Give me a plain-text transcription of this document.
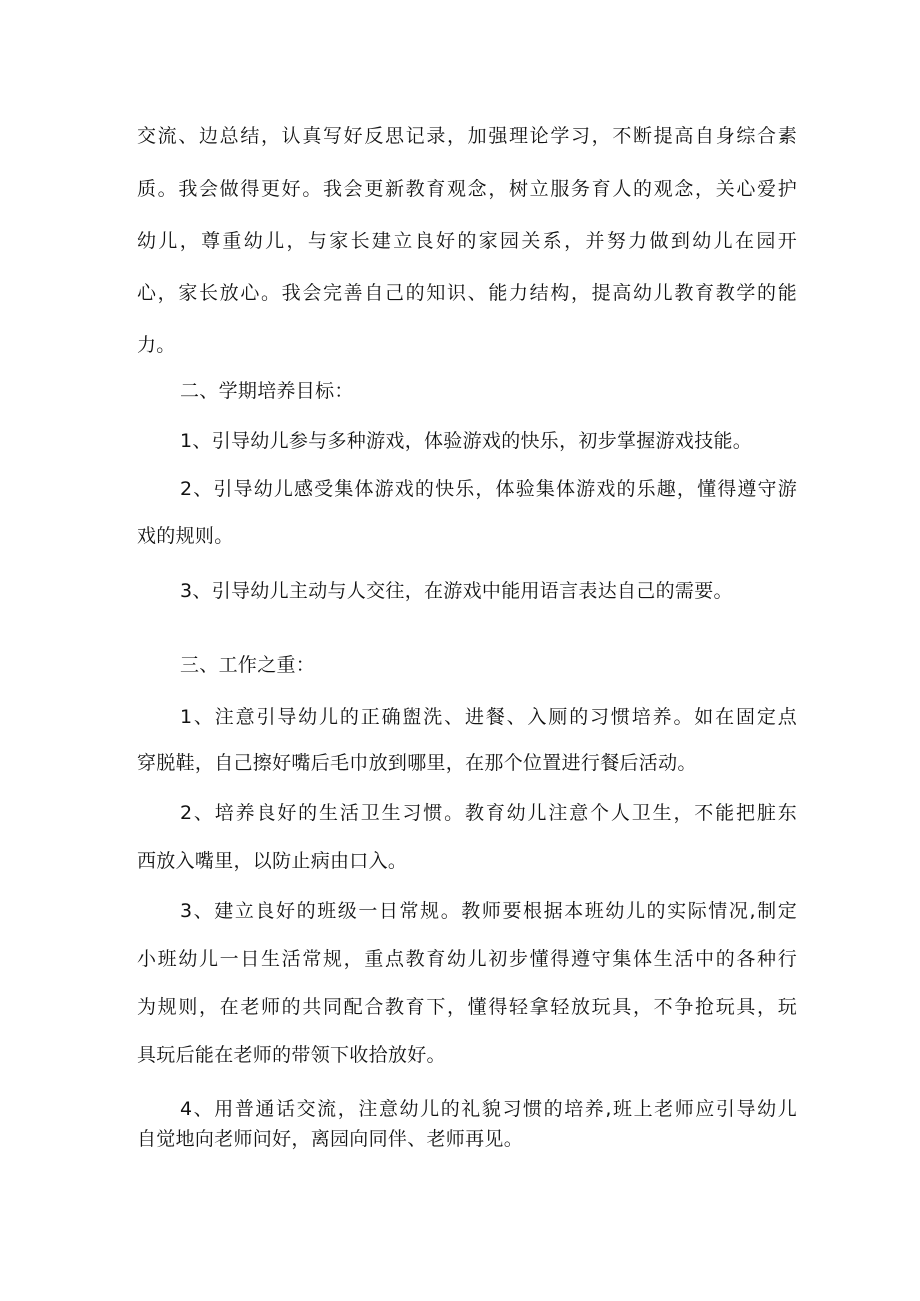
交流、边总结，认真写好反思记录，加强理论学习，不断提高自身综合素
质。我会做得更好。我会更新教育观念，树立服务育人的观念，关心爱护
幼儿，尊重幼儿，与家长建立良好的家园关系，并努力做到幼儿在园开
心，家长放心。我会完善自己的知识、能力结构，提高幼儿教育教学的能
力。
二、学期培养目标：
1、引导幼儿参与多种游戏，体验游戏的快乐，初步掌握游戏技能。
2、引导幼儿感受集体游戏的快乐，体验集体游戏的乐趣，懂得遵守游
戏的规则。
3、引导幼儿主动与人交往，在游戏中能用语言表达自己的需要。
三、工作之重：
1、注意引导幼儿的正确盥洗、进餐、入厕的习惯培养。如在固定点
穿脱鞋，自己擦好嘴后毛巾放到哪里，在那个位置进行餐后活动。
2、培养良好的生活卫生习惯。教育幼儿注意个人卫生，不能把脏东
西放入嘴里，以防止病由口入。
3、建立良好的班级一日常规。教师要根据本班幼儿的实际情况,制定
小班幼儿一日生活常规，重点教育幼儿初步懂得遵守集体生活中的各种行
为规则，在老师的共同配合教育下，懂得轻拿轻放玩具，不争抢玩具，玩
具玩后能在老师的带领下收拾放好。
4、用普通话交流，注意幼儿的礼貌习惯的培养,班上老师应引导幼儿
自觉地向老师问好，离园向同伴、老师再见。
